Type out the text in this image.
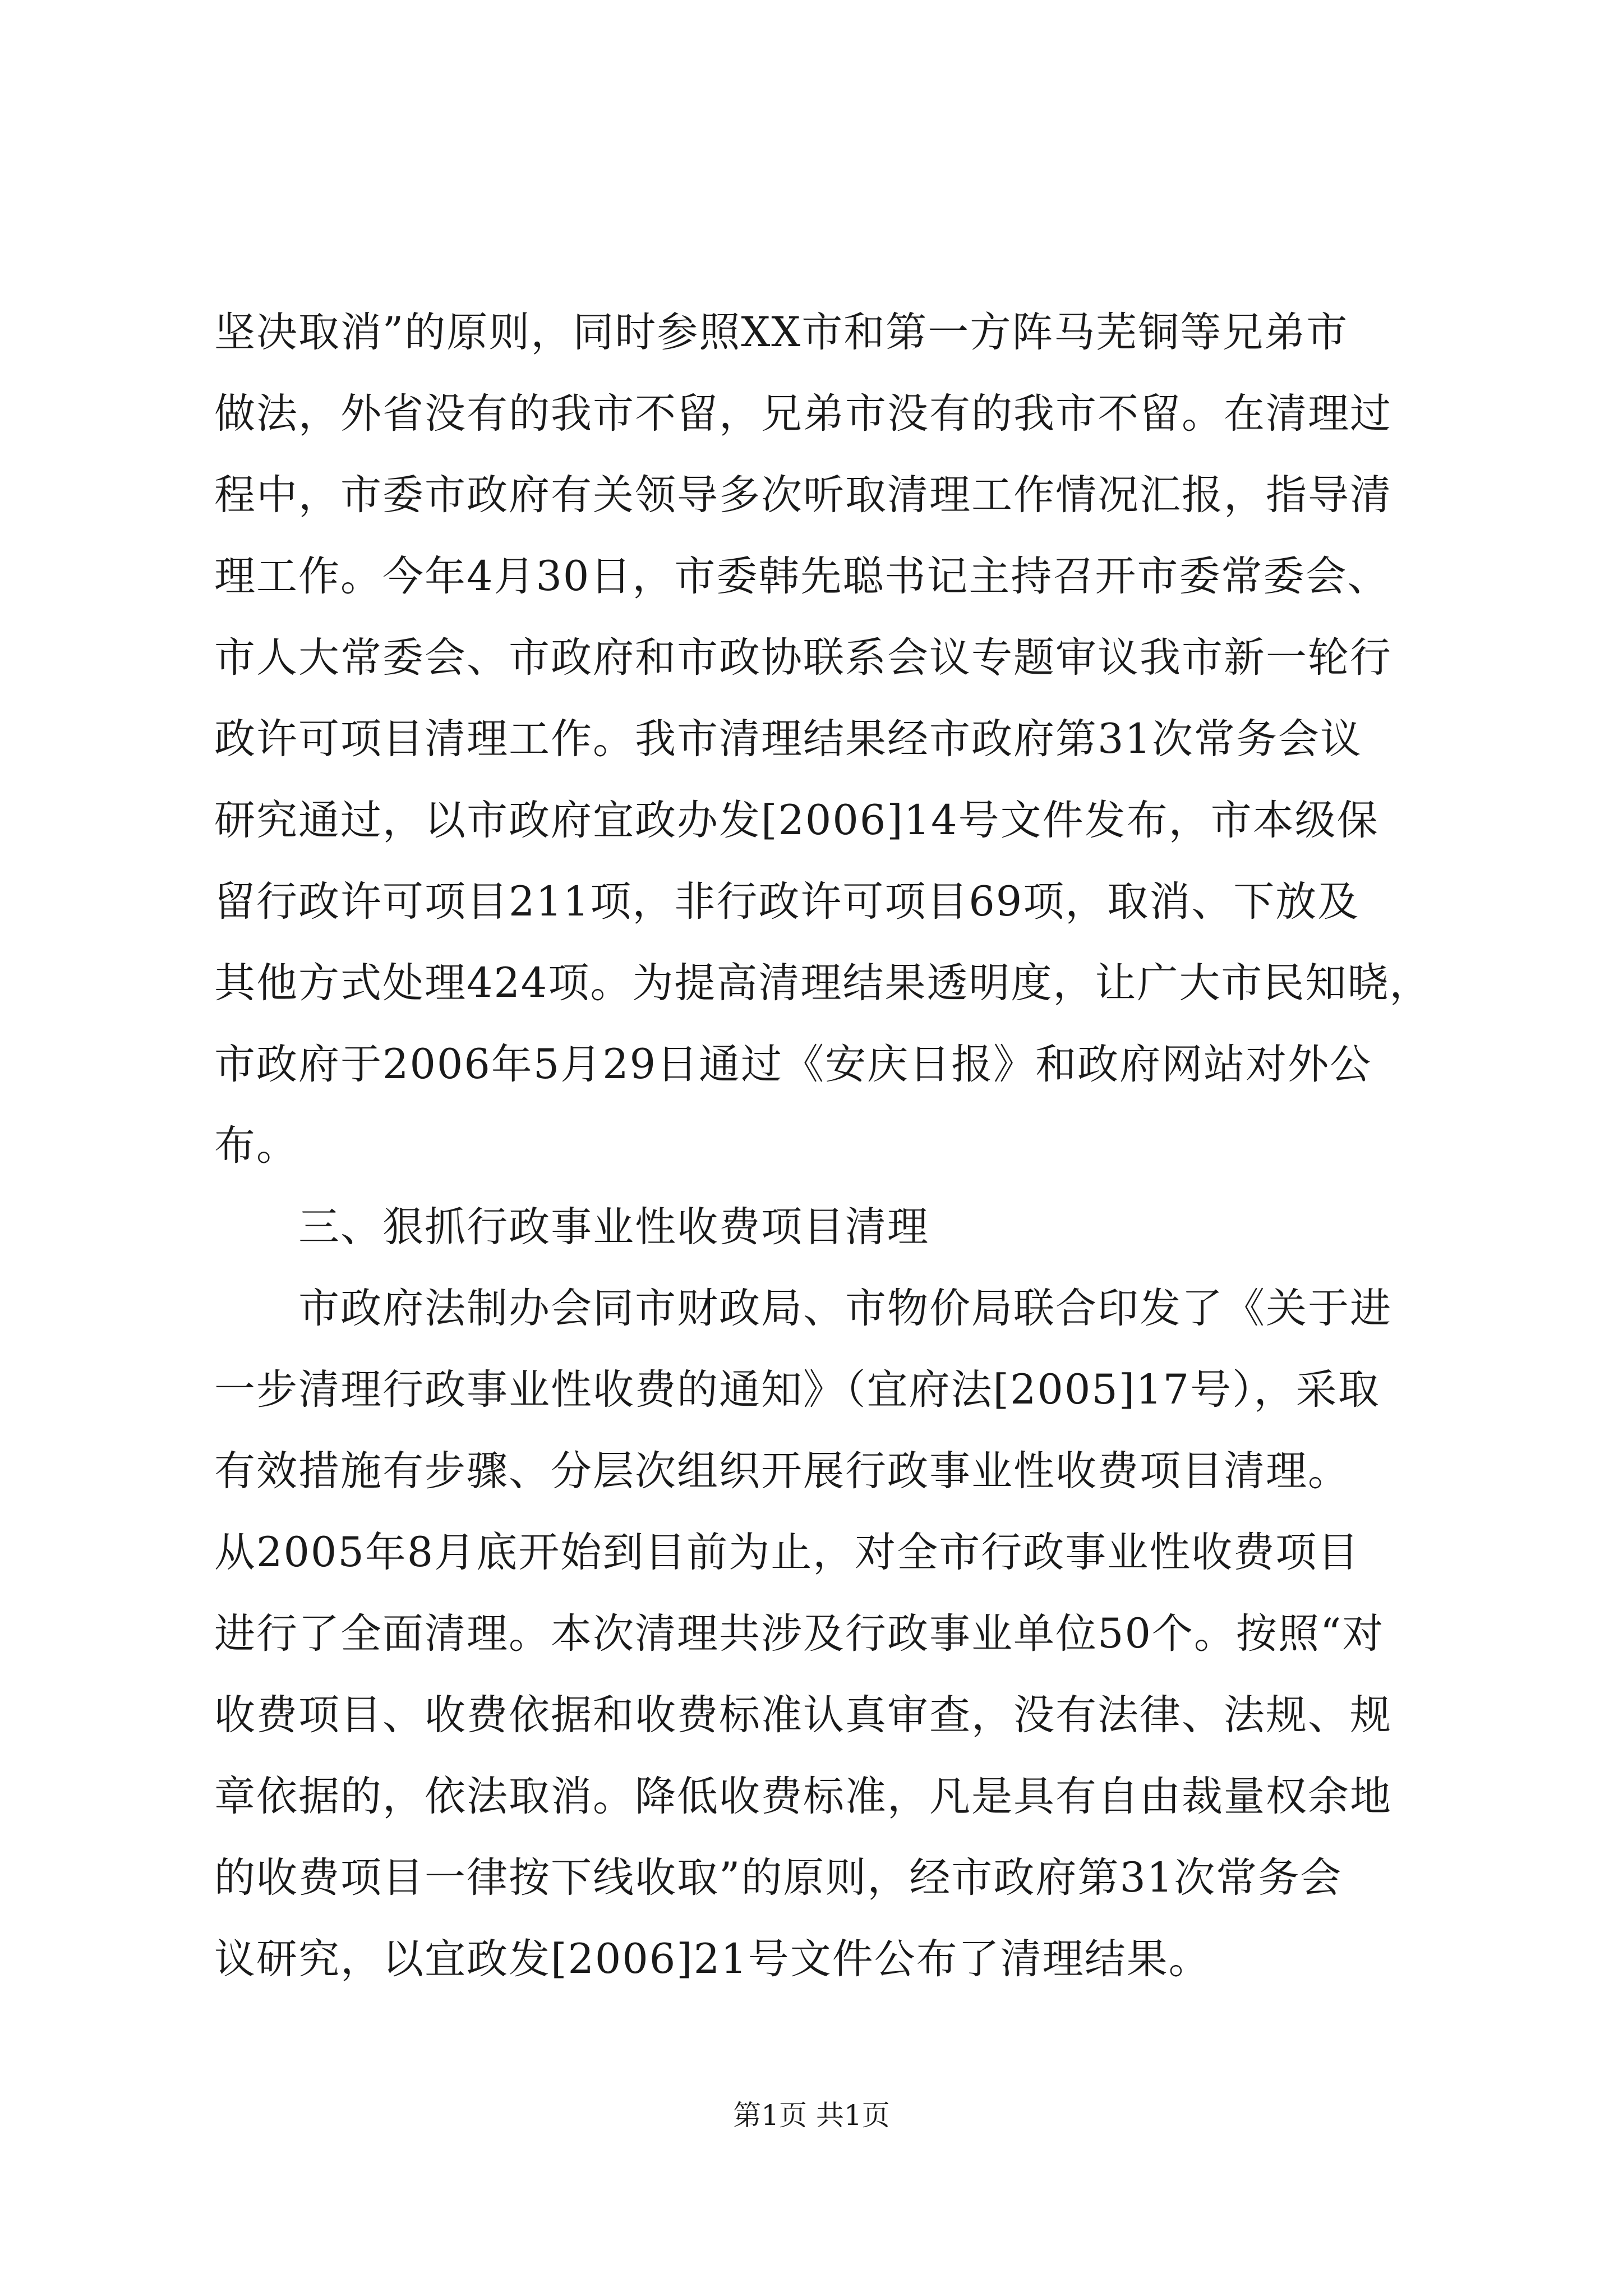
坚决取消”的原则，同时参照XX市和第一方阵马芜铜等兄弟市
做法，外省没有的我市不留，兄弟市没有的我市不留。在清理过
程中，市委市政府有关领导多次听取清理工作情况汇报，指导清
理工作。今年4月30日，市委韩先聪书记主持召开市委常委会、
市人大常委会、市政府和市政协联系会议专题审议我市新一轮行
政许可项目清理工作。我市清理结果经市政府第31次常务会议
研究通过，以市政府宜政办发[2006]14号文件发布，市本级保
留行政许可项目211项，非行政许可项目69项，取消、下放及
其他方式处理424项。为提高清理结果透明度，让广大市民知晓，
市政府于2006年5月29日通过《安庆日报》和政府网站对外公
布。
三、狠抓行政事业性收费项目清理
市政府法制办会同市财政局、市物价局联合印发了《关于进
一步清理行政事业性收费的通知》（宜府法[2005]17号），采取
有效措施有步骤、分层次组织开展行政事业性收费项目清理。
从2005年8月底开始到目前为止，对全市行政事业性收费项目
进行了全面清理。本次清理共涉及行政事业单位50个。按照“对
收费项目、收费依据和收费标准认真审查，没有法律、法规、规
章依据的，依法取消。降低收费标准，凡是具有自由裁量权余地
的收费项目一律按下线收取”的原则，经市政府第31次常务会
议研究，以宜政发[2006]21号文件公布了清理结果。
第1页 共1页
